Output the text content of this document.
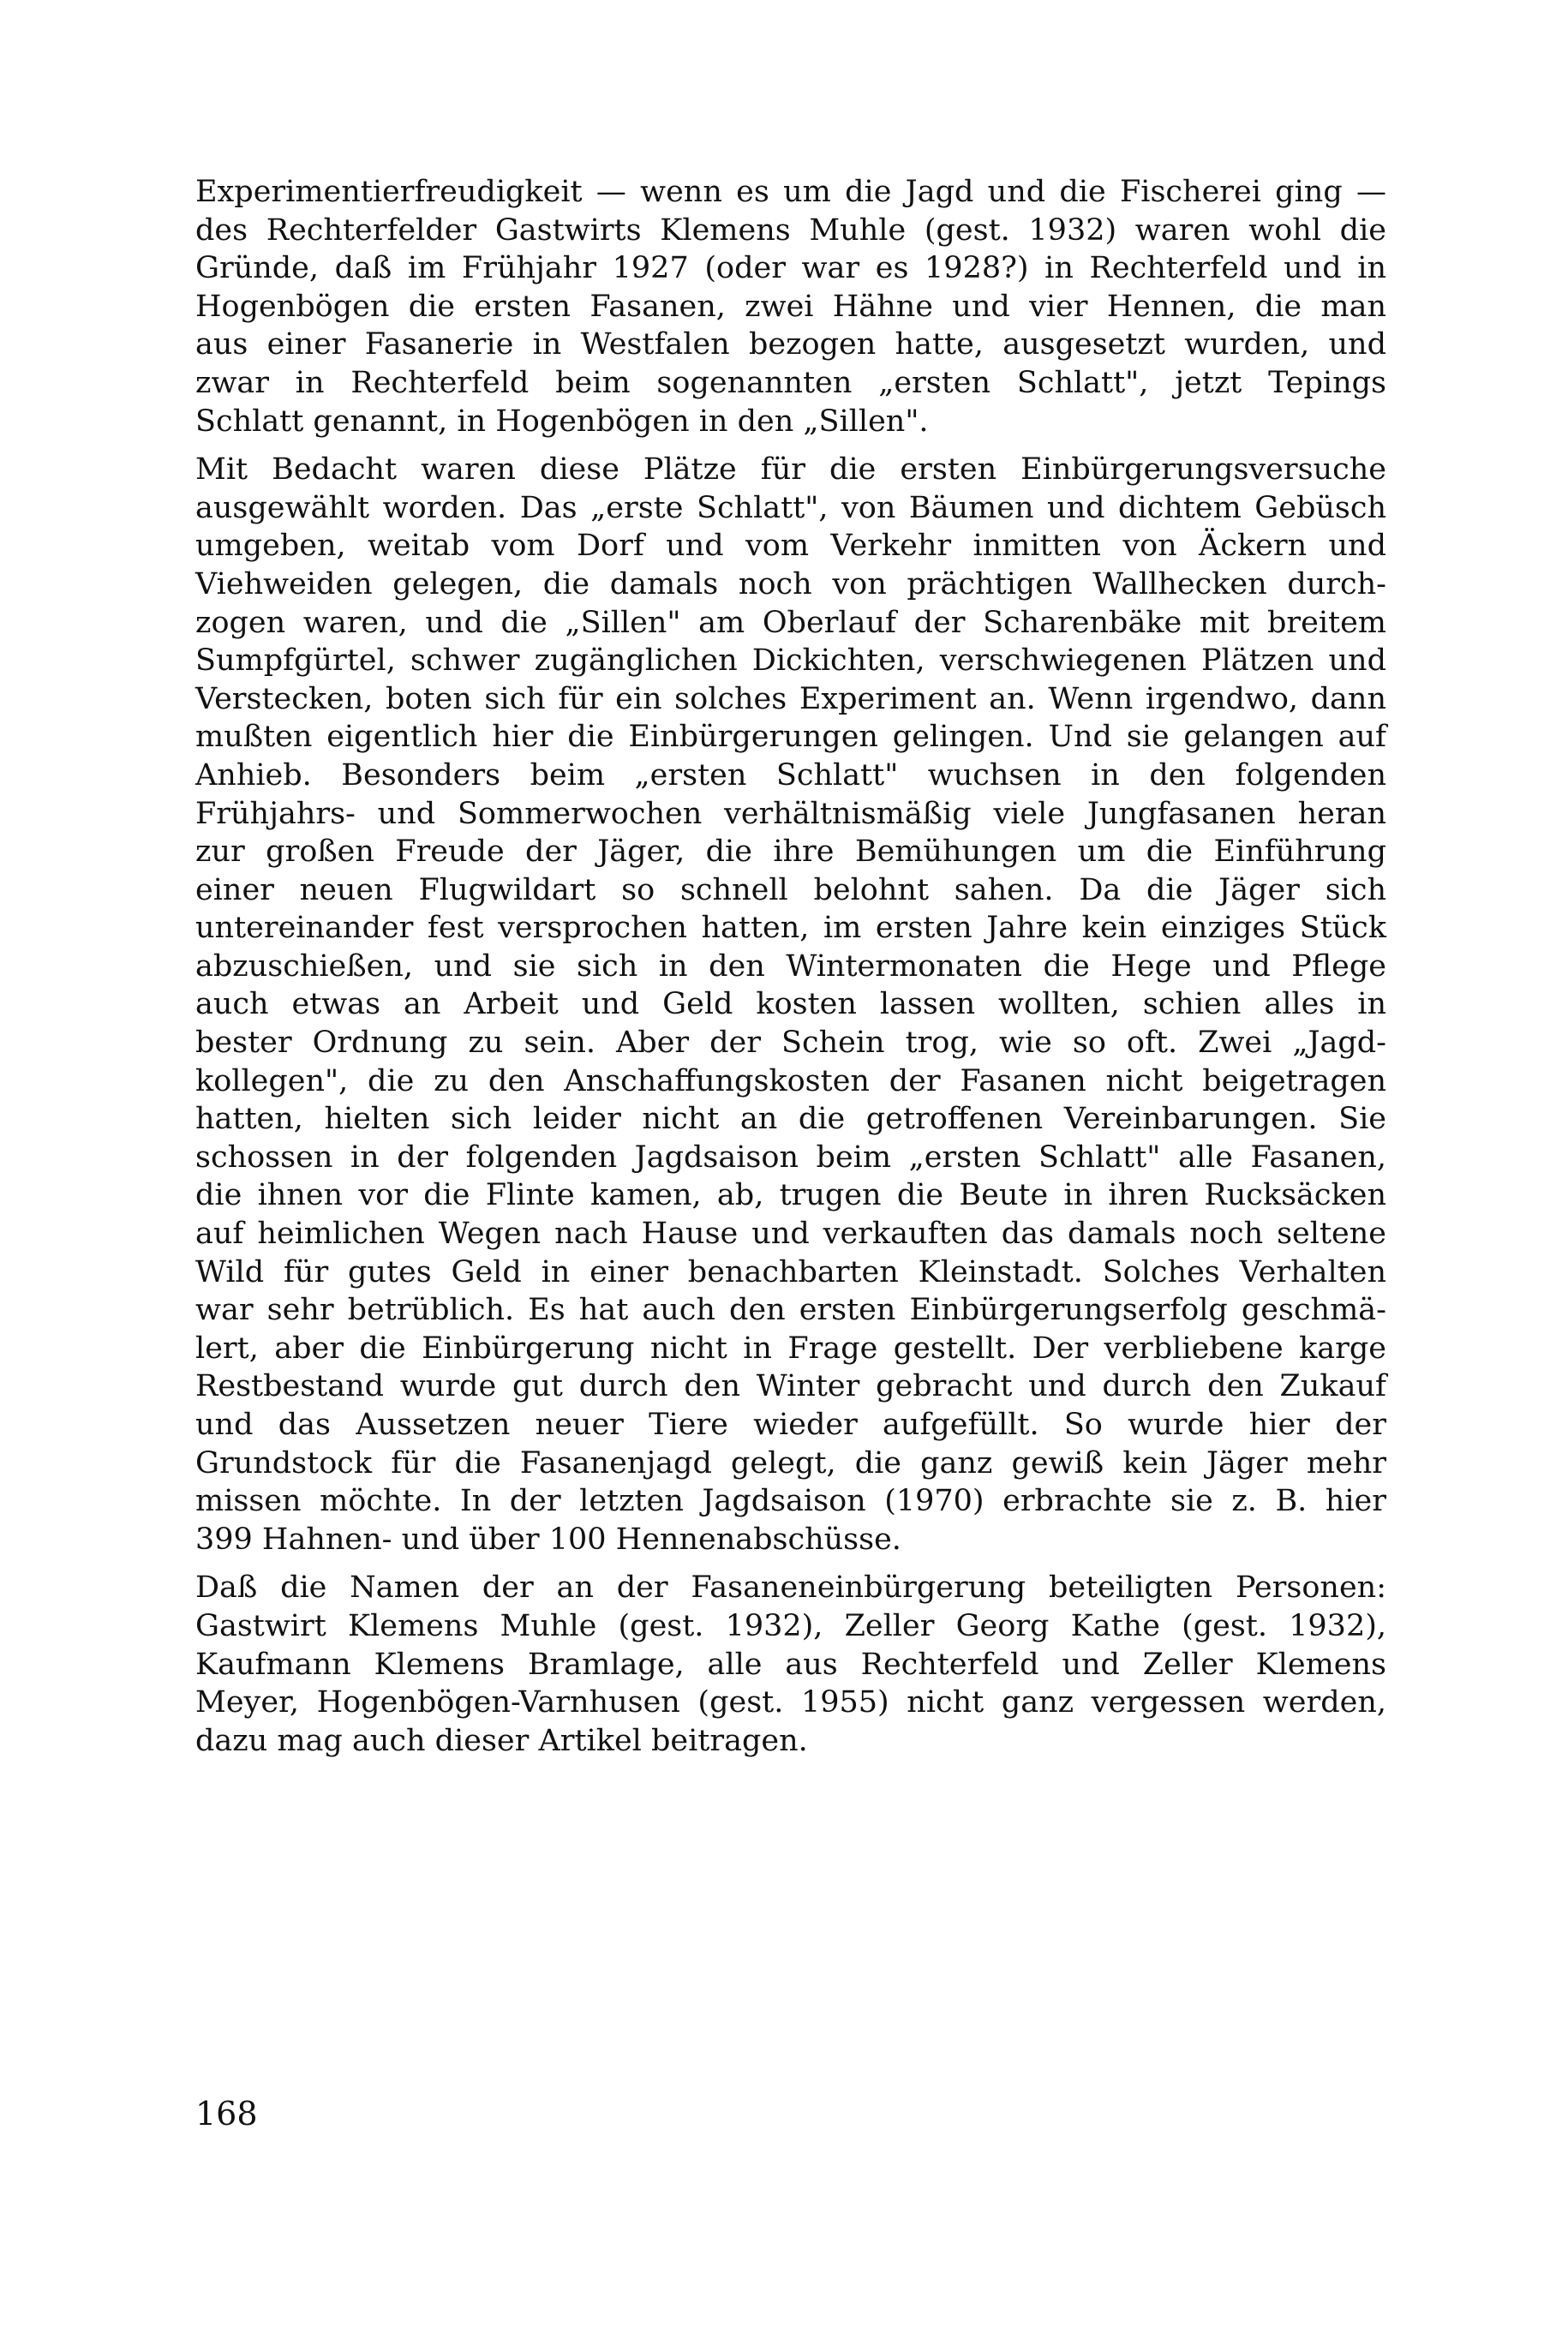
Experimentierfreudigkeit — wenn es um die Jagd und die Fischerei ging —
des Rechterfelder Gastwirts Klemens Muhle (gest. 1932) waren wohl die
Gründe, daß im Frühjahr 1927 (oder war es 1928?) in Rechterfeld und in
Hogenbögen die ersten Fasanen, zwei Hähne und vier Hennen, die man
aus einer Fasanerie in Westfalen bezogen hatte, ausgesetzt wurden, und
zwar in Rechterfeld beim sogenannten „ersten Schlatt", jetzt Tepings
Schlatt genannt, in Hogenbögen in den „Sillen".
Mit Bedacht waren diese Plätze für die ersten Einbürgerungsversuche
ausgewählt worden. Das „erste Schlatt", von Bäumen und dichtem Gebüsch
umgeben, weitab vom Dorf und vom Verkehr inmitten von Äckern und
Viehweiden gelegen, die damals noch von prächtigen Wallhecken durch-
zogen waren, und die „Sillen" am Oberlauf der Scharenbäke mit breitem
Sumpfgürtel, schwer zugänglichen Dickichten, verschwiegenen Plätzen und
Verstecken, boten sich für ein solches Experiment an. Wenn irgendwo, dann
mußten eigentlich hier die Einbürgerungen gelingen. Und sie gelangen auf
Anhieb. Besonders beim „ersten Schlatt" wuchsen in den folgenden
Frühjahrs- und Sommerwochen verhältnismäßig viele Jungfasanen heran
zur großen Freude der Jäger, die ihre Bemühungen um die Einführung
einer neuen Flugwildart so schnell belohnt sahen. Da die Jäger sich
untereinander fest versprochen hatten, im ersten Jahre kein einziges Stück
abzuschießen, und sie sich in den Wintermonaten die Hege und Pflege
auch etwas an Arbeit und Geld kosten lassen wollten, schien alles in
bester Ordnung zu sein. Aber der Schein trog, wie so oft. Zwei „Jagd-
kollegen", die zu den Anschaffungskosten der Fasanen nicht beigetragen
hatten, hielten sich leider nicht an die getroffenen Vereinbarungen. Sie
schossen in der folgenden Jagdsaison beim „ersten Schlatt" alle Fasanen,
die ihnen vor die Flinte kamen, ab, trugen die Beute in ihren Rucksäcken
auf heimlichen Wegen nach Hause und verkauften das damals noch seltene
Wild für gutes Geld in einer benachbarten Kleinstadt. Solches Verhalten
war sehr betrüblich. Es hat auch den ersten Einbürgerungserfolg geschmä-
lert, aber die Einbürgerung nicht in Frage gestellt. Der verbliebene karge
Restbestand wurde gut durch den Winter gebracht und durch den Zukauf
und das Aussetzen neuer Tiere wieder aufgefüllt. So wurde hier der
Grundstock für die Fasanenjagd gelegt, die ganz gewiß kein Jäger mehr
missen möchte. In der letzten Jagdsaison (1970) erbrachte sie z. B. hier
399 Hahnen- und über 100 Hennenabschüsse.
Daß die Namen der an der Fasaneneinbürgerung beteiligten Personen:
Gastwirt Klemens Muhle (gest. 1932), Zeller Georg Kathe (gest. 1932),
Kaufmann Klemens Bramlage, alle aus Rechterfeld und Zeller Klemens
Meyer, Hogenbögen-Varnhusen (gest. 1955) nicht ganz vergessen werden,
dazu mag auch dieser Artikel beitragen.
168
